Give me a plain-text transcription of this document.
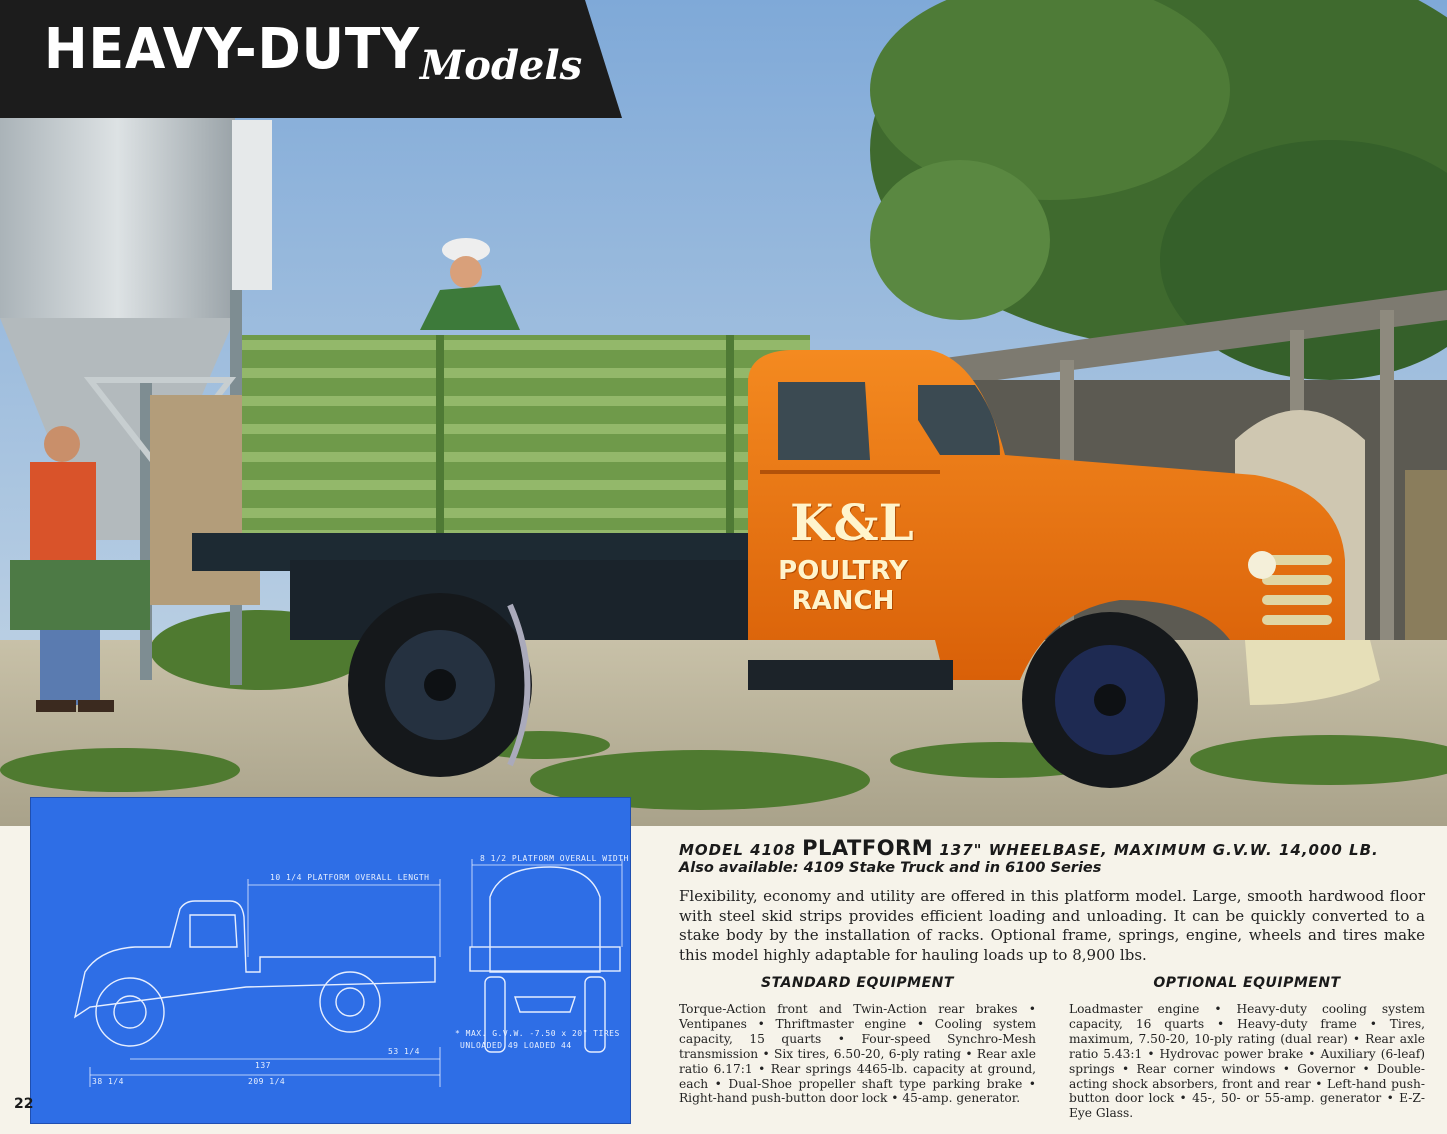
HEAVY-DUTY Models
K&L
POULTRY
RANCH
10 1/4 PLATFORM OVERALL LENGTH
8 1/2 PLATFORM OVERALL WIDTH
* MAX. G.V.W. -7.50 x 20" TIRES
UNLOADED 49 LOADED 44
137
209 1/4
38 1/4
53 1/4
22
MODEL 4108 PLATFORM 137" WHEELBASE, MAXIMUM G.V.W. 14,000 LB.
Also available: 4109 Stake Truck and in 6100 Series
Flexibility, economy and utility are offered in this platform model. Large, smooth hardwood floor with steel skid strips provides efficient loading and unloading. It can be quickly converted to a stake body by the installation of racks. Optional frame, springs, engine, wheels and tires make this model highly adaptable for hauling loads up to 8,900 lbs.
STANDARD EQUIPMENT	OPTIONAL EQUIPMENT
Torque-Action front and Twin-Action rear brakes • Ventipanes • Thriftmaster engine • Cooling system capacity, 15 quarts • Four-speed Synchro-Mesh transmission • Six tires, 6.50-20, 6-ply rating • Rear axle ratio 6.17:1 • Rear springs 4465-lb. capacity at ground, each • Dual-Shoe propeller shaft type parking brake • Right-hand push-button door lock • 45-amp. generator.
Loadmaster engine • Heavy-duty cooling system capacity, 16 quarts • Heavy-duty frame • Tires, maximum, 7.50-20, 10-ply rating (dual rear) • Rear axle ratio 5.43:1 • Hydrovac power brake • Auxiliary (6-leaf) springs • Rear corner windows • Governor • Double-acting shock absorbers, front and rear • Left-hand push-button door lock • 45-, 50- or 55-amp. generator • E-Z-Eye Glass.
